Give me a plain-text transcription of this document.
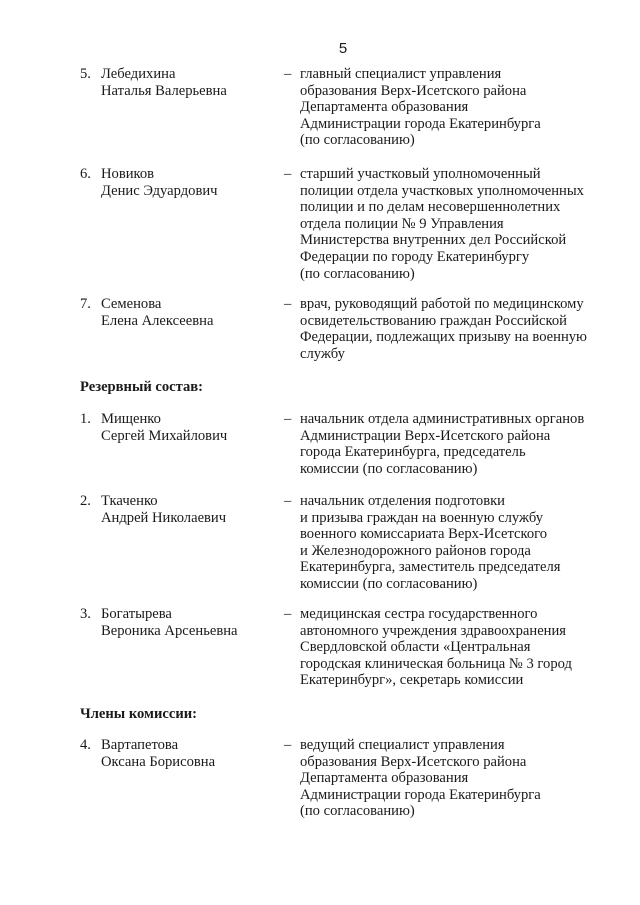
5
5. Лебедихина
Наталья Валерьевна
– главный специалист управления
образования Верх-Исетского района
Департамента образования
Администрации города Екатеринбурга
(по согласованию)
6. Новиков
Денис Эдуардович
– старший участковый уполномоченный
полиции отдела участковых уполномоченных
полиции и по делам несовершеннолетних
отдела полиции № 9 Управления
Министерства внутренних дел Российской
Федерации по городу Екатеринбургу
(по согласованию)
7. Семенова
Елена Алексеевна
– врач, руководящий работой по медицинскому
освидетельствованию граждан Российской
Федерации, подлежащих призыву на военную
службу
Резервный состав:
1. Мищенко
Сергей Михайлович
– начальник отдела административных органов
Администрации Верх-Исетского района
города Екатеринбурга, председатель
комиссии (по согласованию)
2. Ткаченко
Андрей Николаевич
– начальник отделения подготовки
и призыва граждан на военную службу
военного комиссариата Верх-Исетского
и Железнодорожного районов города
Екатеринбурга, заместитель председателя
комиссии (по согласованию)
3. Богатырева
Вероника Арсеньевна
– медицинская сестра государственного
автономного учреждения здравоохранения
Свердловской области «Центральная
городская клиническая больница № 3 город
Екатеринбург», секретарь комиссии
Члены комиссии:
4. Вартапетова
Оксана Борисовна
– ведущий специалист управления
образования Верх-Исетского района
Департамента образования
Администрации города Екатеринбурга
(по согласованию)
